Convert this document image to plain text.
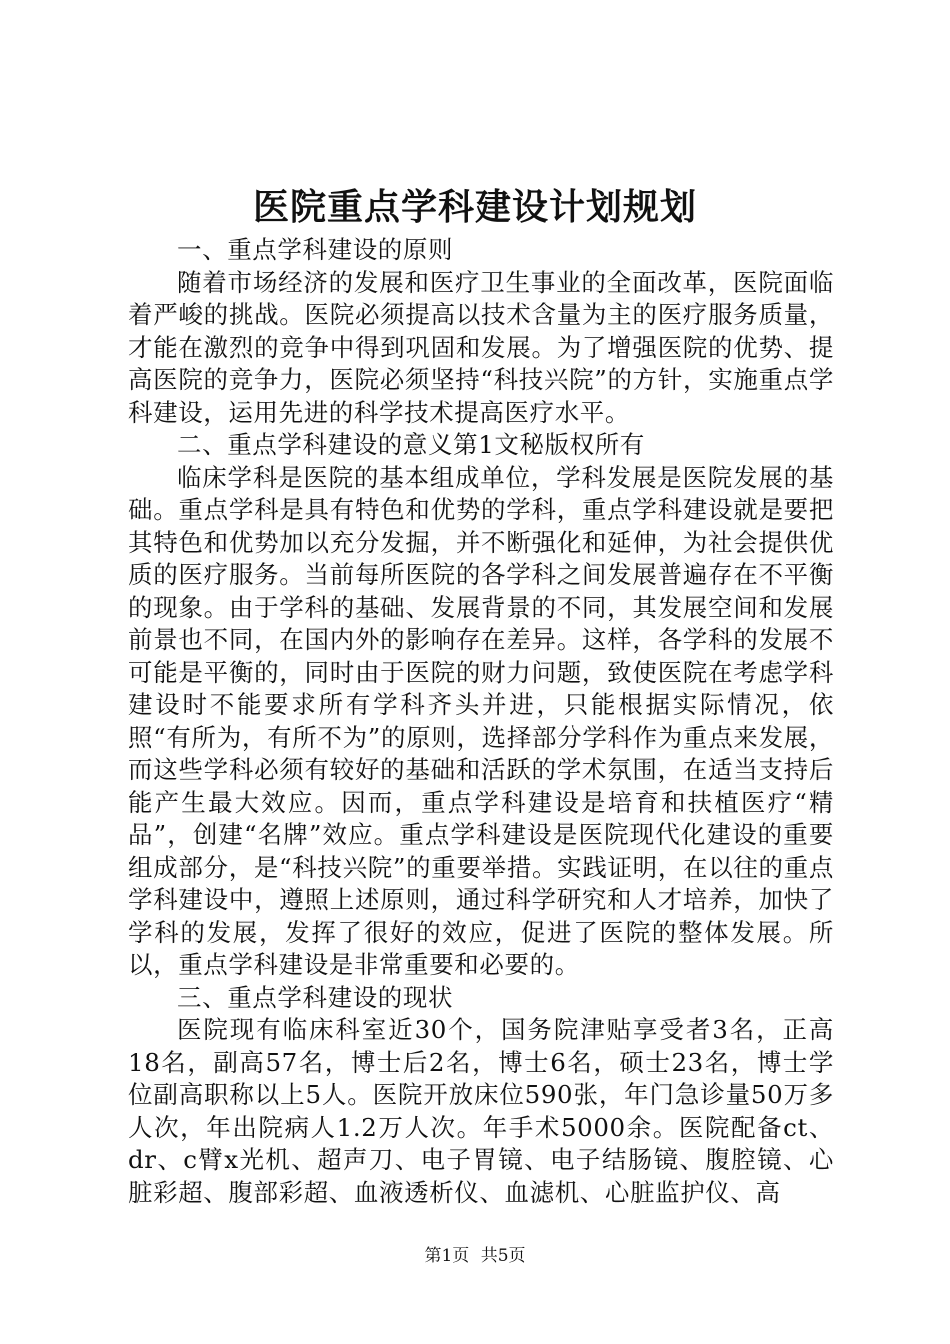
医院重点学科建设计划规划

一、重点学科建设的原则

随着市场经济的发展和医疗卫生事业的全面改革，医院面临着严峻的挑战。医院必须提高以技术含量为主的医疗服务质量，才能在激烈的竞争中得到巩固和发展。为了增强医院的优势、提高医院的竞争力，医院必须坚持“科技兴院”的方针，实施重点学科建设，运用先进的科学技术提高医疗水平。

二、重点学科建设的意义第1文秘版权所有

临床学科是医院的基本组成单位，学科发展是医院发展的基础。重点学科是具有特色和优势的学科，重点学科建设就是要把其特色和优势加以充分发掘，并不断强化和延伸，为社会提供优质的医疗服务。当前每所医院的各学科之间发展普遍存在不平衡的现象。由于学科的基础、发展背景的不同，其发展空间和发展前景也不同，在国内外的影响存在差异。这样，各学科的发展不可能是平衡的，同时由于医院的财力问题，致使医院在考虑学科建设时不能要求所有学科齐头并进，只能根据实际情况，依照“有所为，有所不为”的原则，选择部分学科作为重点来发展，而这些学科必须有较好的基础和活跃的学术氛围，在适当支持后能产生最大效应。因而，重点学科建设是培育和扶植医疗“精品”，创建“名牌”效应。重点学科建设是医院现代化建设的重要组成部分，是“科技兴院”的重要举措。实践证明，在以往的重点学科建设中，遵照上述原则，通过科学研究和人才培养，加快了学科的发展，发挥了很好的效应，促进了医院的整体发展。所以，重点学科建设是非常重要和必要的。

三、重点学科建设的现状

医院现有临床科室近30个，国务院津贴享受者3名，正高18名，副高57名，博士后2名，博士6名，硕士23名，博士学位副高职称以上5人。医院开放床位590张，年门急诊量50万多人次，年出院病人1.2万人次。年手术5000余。医院配备ct、dr、c臂x光机、超声刀、电子胃镜、电子结肠镜、腹腔镜、心脏彩超、腹部彩超、血液透析仪、血滤机、心脏监护仪、高

第1页 共5页
